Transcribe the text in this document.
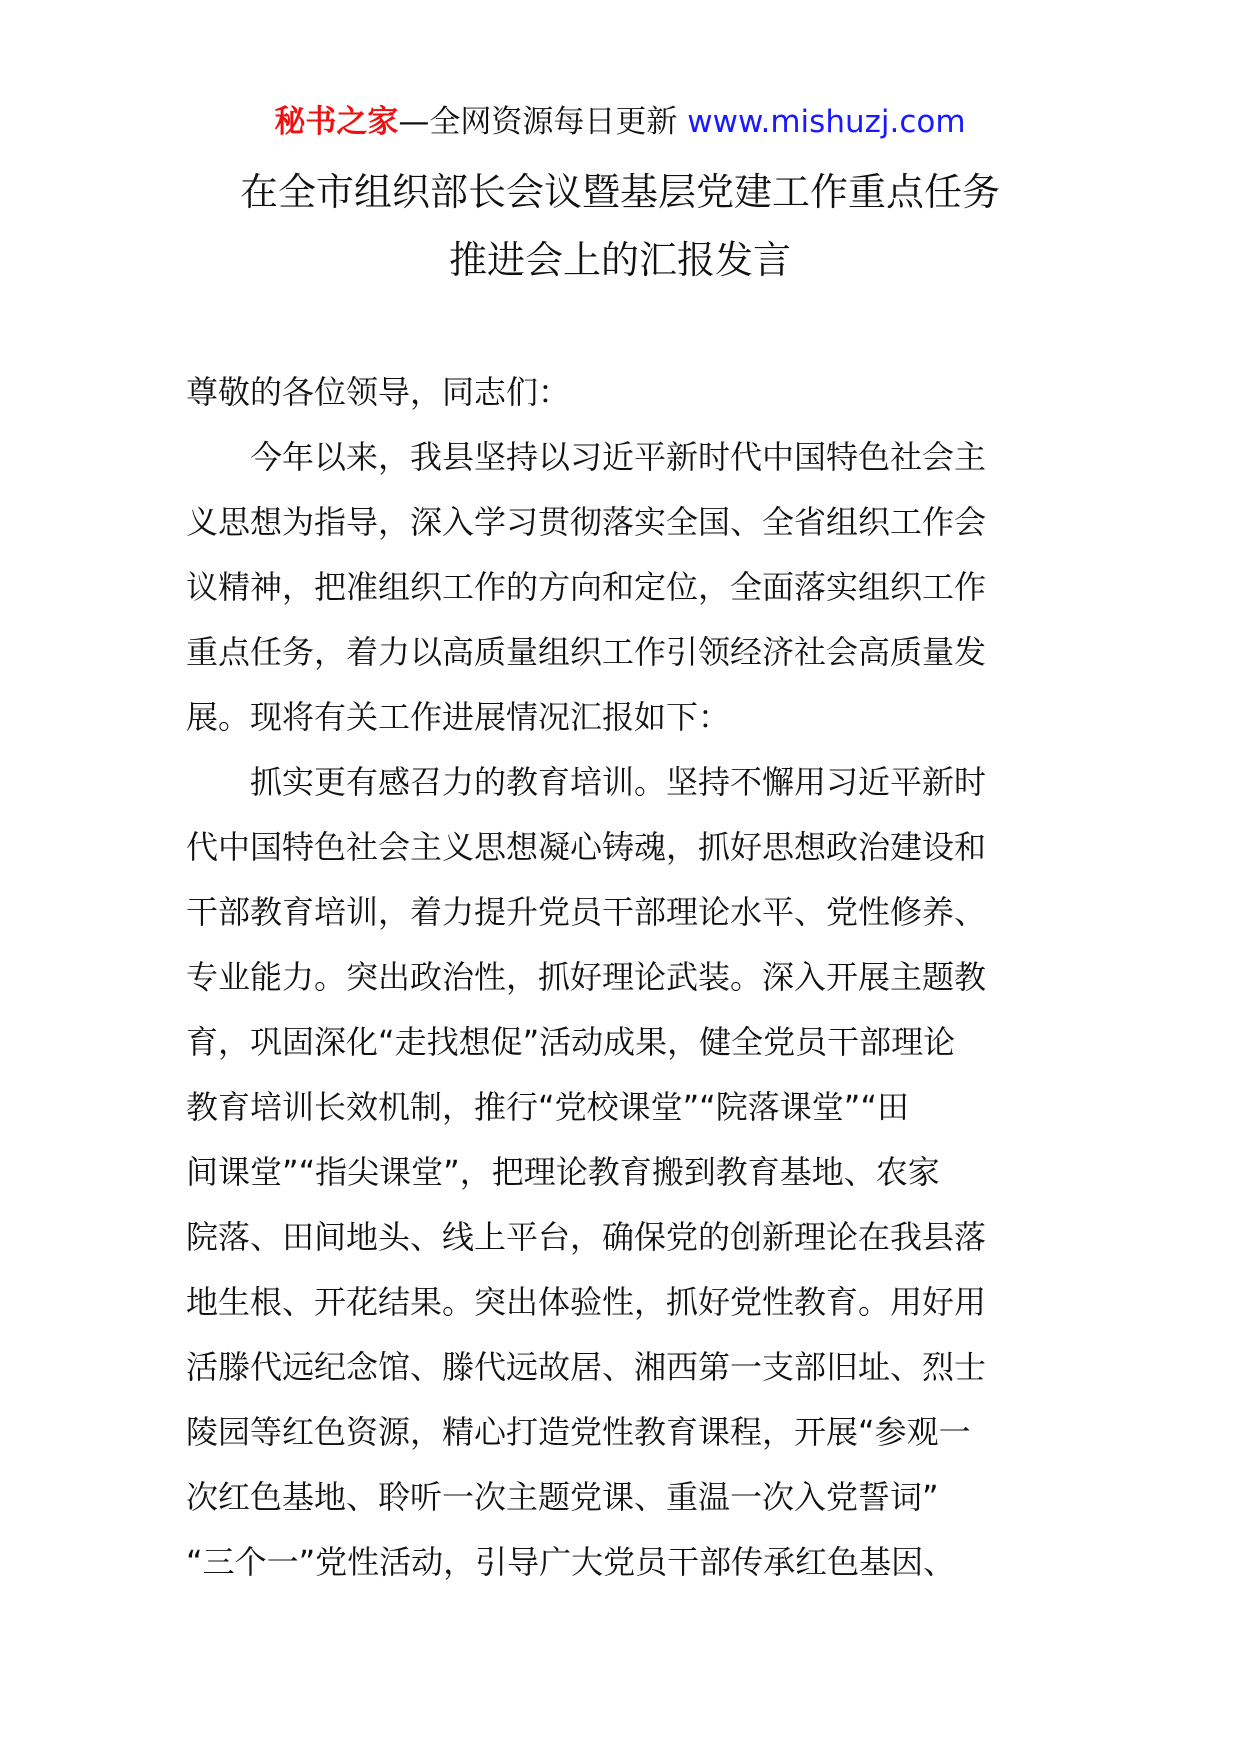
秘书之家—全网资源每日更新 www.mishuzj.com
在全市组织部长会议暨基层党建工作重点任务
推进会上的汇报发言
尊敬的各位领导，同志们：
　　今年以来，我县坚持以习近平新时代中国特色社会主
义思想为指导，深入学习贯彻落实全国、全省组织工作会
议精神，把准组织工作的方向和定位，全面落实组织工作
重点任务，着力以高质量组织工作引领经济社会高质量发
展。现将有关工作进展情况汇报如下：
　　抓实更有感召力的教育培训。坚持不懈用习近平新时
代中国特色社会主义思想凝心铸魂，抓好思想政治建设和
干部教育培训，着力提升党员干部理论水平、党性修养、
专业能力。突出政治性，抓好理论武装。深入开展主题教
育，巩固深化“走找想促”活动成果，健全党员干部理论
教育培训长效机制，推行“党校课堂”“院落课堂”“田
间课堂”“指尖课堂”，把理论教育搬到教育基地、农家
院落、田间地头、线上平台，确保党的创新理论在我县落
地生根、开花结果。突出体验性，抓好党性教育。用好用
活滕代远纪念馆、滕代远故居、湘西第一支部旧址、烈士
陵园等红色资源，精心打造党性教育课程，开展“参观一
次红色基地、聆听一次主题党课、重温一次入党誓词”
“三个一”党性活动，引导广大党员干部传承红色基因、
